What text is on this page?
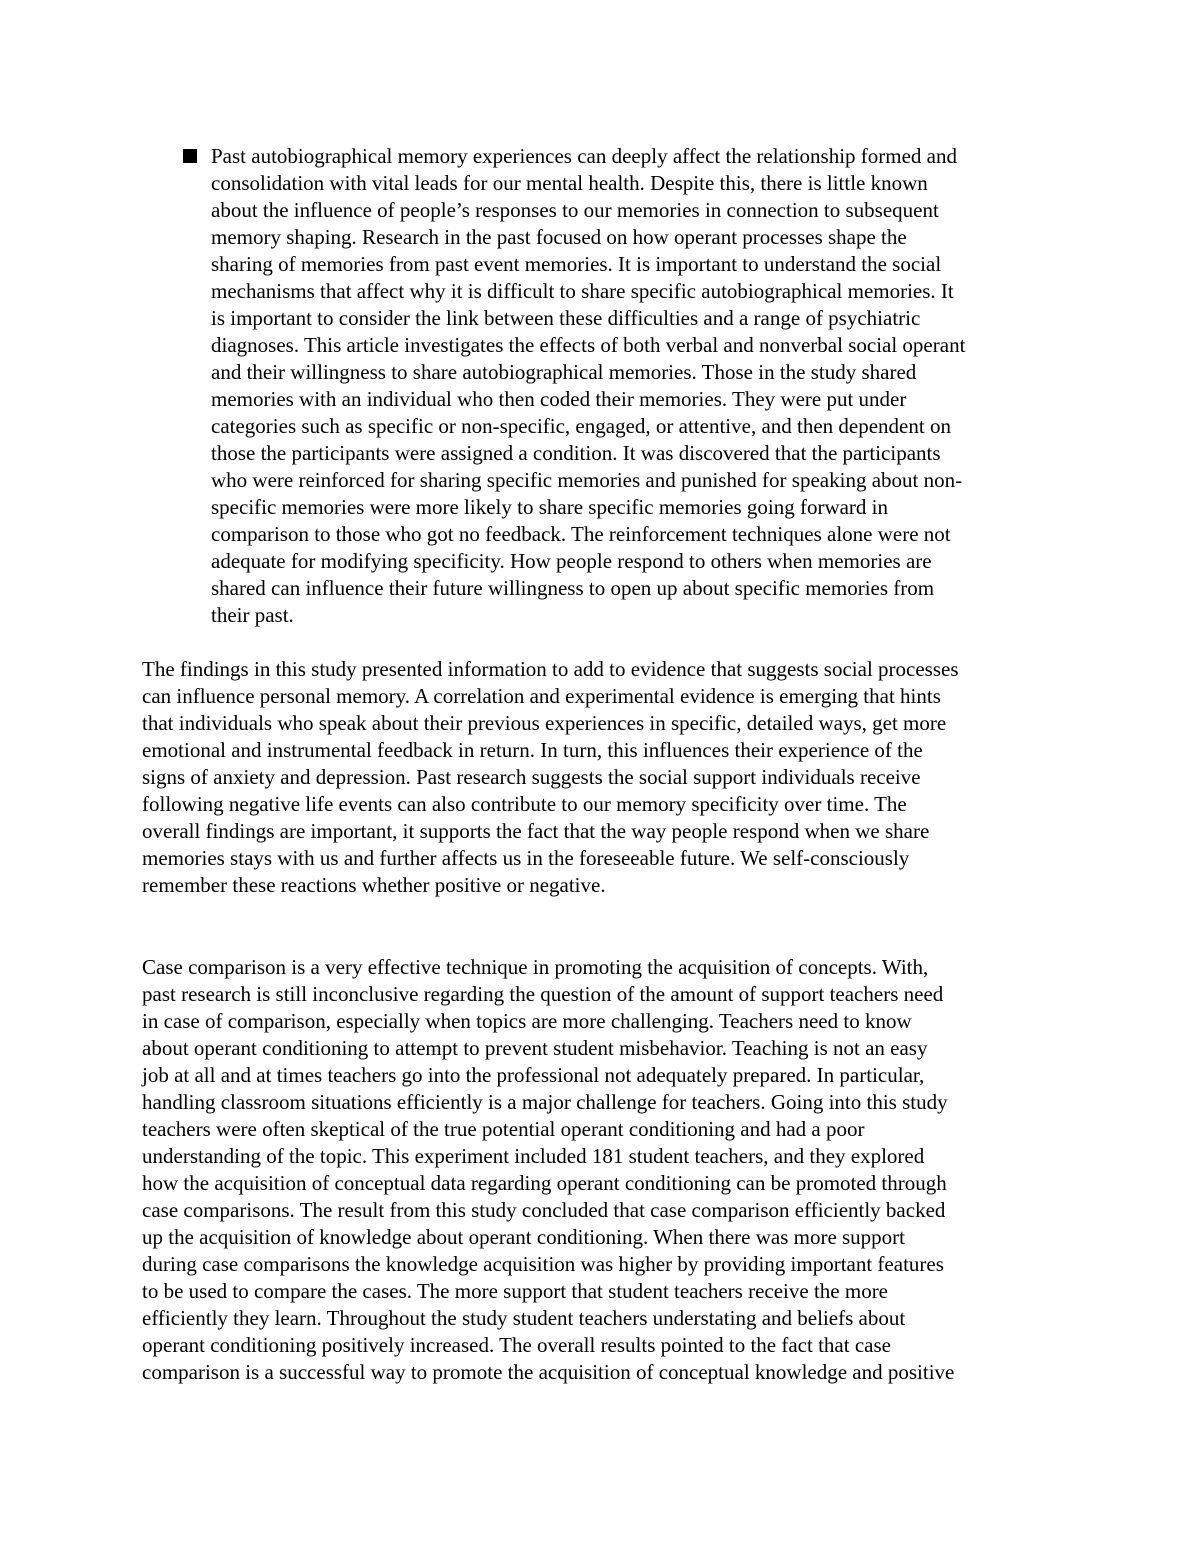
Past autobiographical memory experiences can deeply affect the relationship formed and
consolidation with vital leads for our mental health. Despite this, there is little known
about the influence of people’s responses to our memories in connection to subsequent
memory shaping. Research in the past focused on how operant processes shape the
sharing of memories from past event memories. It is important to understand the social
mechanisms that affect why it is difficult to share specific autobiographical memories. It
is important to consider the link between these difficulties and a range of psychiatric
diagnoses. This article investigates the effects of both verbal and nonverbal social operant
and their willingness to share autobiographical memories. Those in the study shared
memories with an individual who then coded their memories. They were put under
categories such as specific or non-specific, engaged, or attentive, and then dependent on
those the participants were assigned a condition. It was discovered that the participants
who were reinforced for sharing specific memories and punished for speaking about non-
specific memories were more likely to share specific memories going forward in
comparison to those who got no feedback. The reinforcement techniques alone were not
adequate for modifying specificity. How people respond to others when memories are
shared can influence their future willingness to open up about specific memories from
their past.
The findings in this study presented information to add to evidence that suggests social processes
can influence personal memory. A correlation and experimental evidence is emerging that hints
that individuals who speak about their previous experiences in specific, detailed ways, get more
emotional and instrumental feedback in return. In turn, this influences their experience of the
signs of anxiety and depression. Past research suggests the social support individuals receive
following negative life events can also contribute to our memory specificity over time. The
overall findings are important, it supports the fact that the way people respond when we share
memories stays with us and further affects us in the foreseeable future. We self-consciously
remember these reactions whether positive or negative.
Case comparison is a very effective technique in promoting the acquisition of concepts. With,
past research is still inconclusive regarding the question of the amount of support teachers need
in case of comparison, especially when topics are more challenging. Teachers need to know
about operant conditioning to attempt to prevent student misbehavior. Teaching is not an easy
job at all and at times teachers go into the professional not adequately prepared. In particular,
handling classroom situations efficiently is a major challenge for teachers. Going into this study
teachers were often skeptical of the true potential operant conditioning and had a poor
understanding of the topic. This experiment included 181 student teachers, and they explored
how the acquisition of conceptual data regarding operant conditioning can be promoted through
case comparisons. The result from this study concluded that case comparison efficiently backed
up the acquisition of knowledge about operant conditioning. When there was more support
during case comparisons the knowledge acquisition was higher by providing important features
to be used to compare the cases. The more support that student teachers receive the more
efficiently they learn. Throughout the study student teachers understating and beliefs about
operant conditioning positively increased. The overall results pointed to the fact that case
comparison is a successful way to promote the acquisition of conceptual knowledge and positive
